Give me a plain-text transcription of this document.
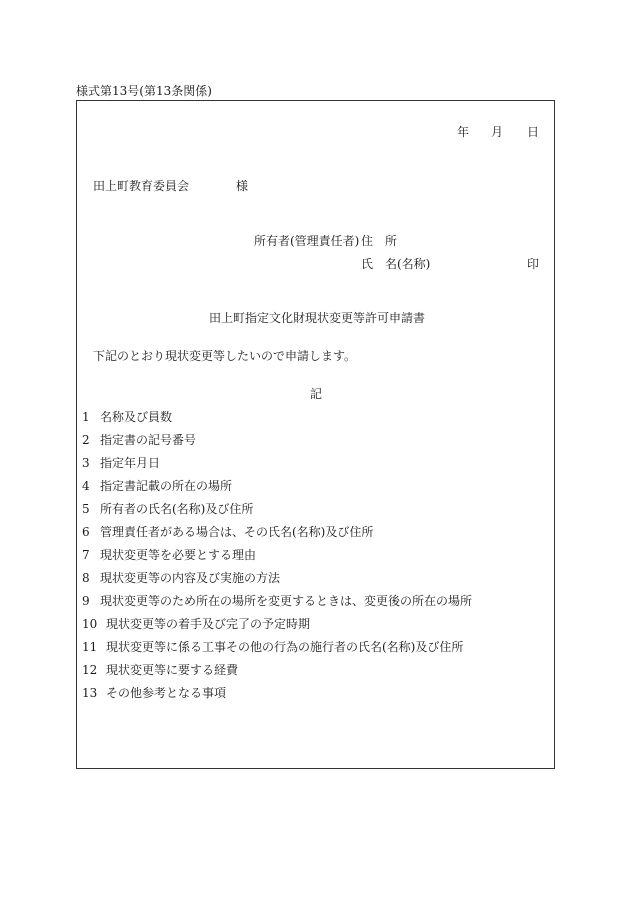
様式第13号(第13条関係)
年 月 日
田上町教育委員会	様
所有者(管理責任者) 住　所
氏　名(名称)	印
田上町指定文化財現状変更等許可申請書
下記のとおり現状変更等したいので申請します。
記
1 名称及び員数
2 指定書の記号番号
3 指定年月日
4 指定書記載の所在の場所
5 所有者の氏名(名称)及び住所
6 管理責任者がある場合は、その氏名(名称)及び住所
7 現状変更等を必要とする理由
8 現状変更等の内容及び実施の方法
9 現状変更等のため所在の場所を変更するときは、変更後の所在の場所
10 現状変更等の着手及び完了の予定時期
11 現状変更等に係る工事その他の行為の施行者の氏名(名称)及び住所
12 現状変更等に要する経費
13 その他参考となる事項
